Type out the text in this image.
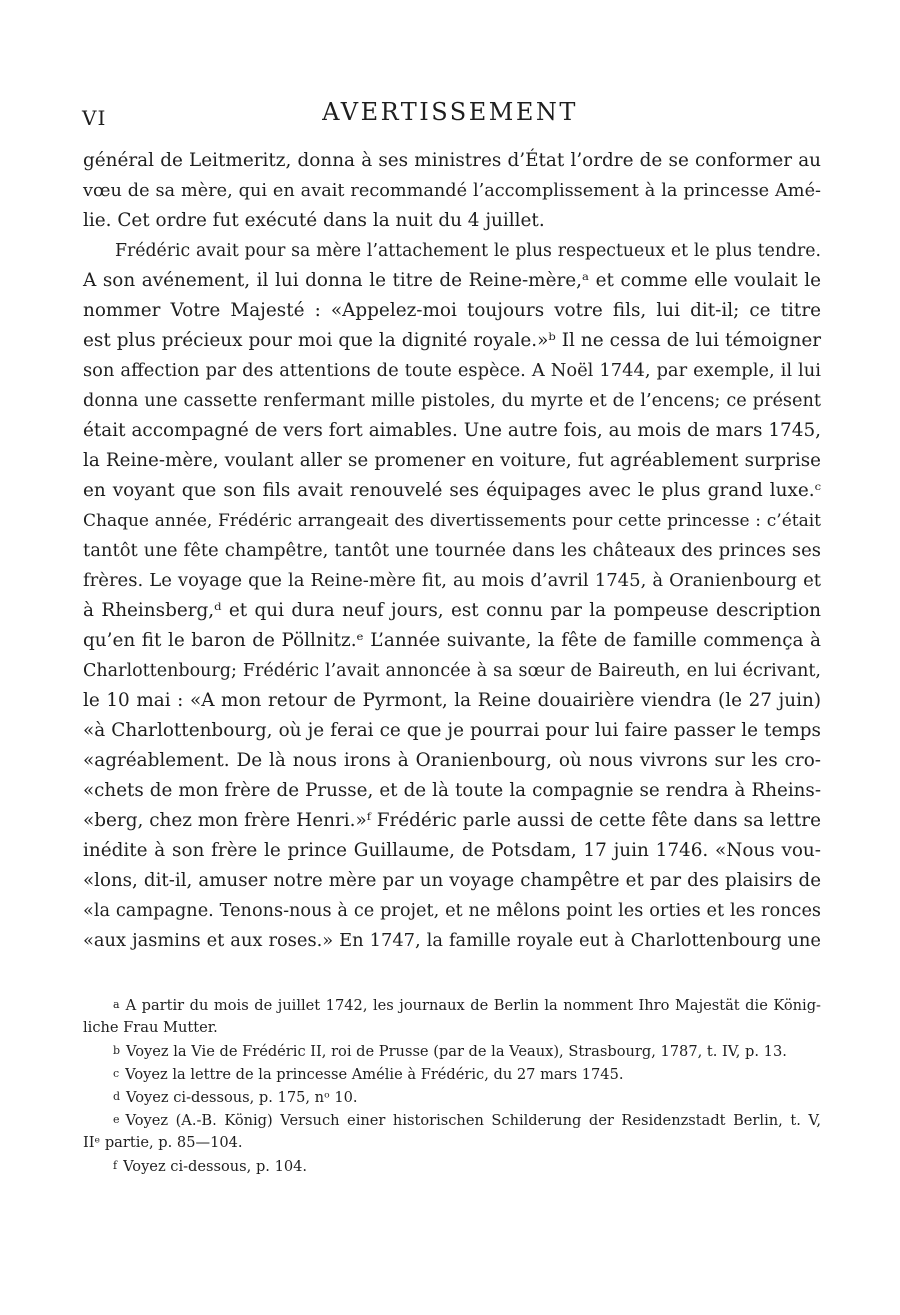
VI	AVERTISSEMENT
général de Leitmeritz, donna à ses ministres d’État l’ordre de se conformer au
vœu de sa mère, qui en avait recommandé l’accomplissement à la princesse Amé-
lie. Cet ordre fut exécuté dans la nuit du 4 juillet.
Frédéric avait pour sa mère l’attachement le plus respectueux et le plus tendre.
A son avénement, il lui donna le titre de Reine-mère,ᵃ et comme elle voulait le
nommer Votre Majesté : «Appelez-moi toujours votre fils, lui dit-il; ce titre
est plus précieux pour moi que la dignité royale.»ᵇ Il ne cessa de lui témoigner
son affection par des attentions de toute espèce. A Noël 1744, par exemple, il lui
donna une cassette renfermant mille pistoles, du myrte et de l’encens; ce présent
était accompagné de vers fort aimables. Une autre fois, au mois de mars 1745,
la Reine-mère, voulant aller se promener en voiture, fut agréablement surprise
en voyant que son fils avait renouvelé ses équipages avec le plus grand luxe.ᶜ
Chaque année, Frédéric arrangeait des divertissements pour cette princesse : c’était
tantôt une fête champêtre, tantôt une tournée dans les châteaux des princes ses
frères. Le voyage que la Reine-mère fit, au mois d’avril 1745, à Oranienbourg et
à Rheinsberg,ᵈ et qui dura neuf jours, est connu par la pompeuse description
qu’en fit le baron de Pöllnitz.ᵉ L’année suivante, la fête de famille commença à
Charlottenbourg; Frédéric l’avait annoncée à sa sœur de Baireuth, en lui écrivant,
le 10 mai : «A mon retour de Pyrmont, la Reine douairière viendra (le 27 juin)
«à Charlottenbourg, où je ferai ce que je pourrai pour lui faire passer le temps
«agréablement. De là nous irons à Oranienbourg, où nous vivrons sur les cro-
«chets de mon frère de Prusse, et de là toute la compagnie se rendra à Rheins-
«berg, chez mon frère Henri.»ᶠ Frédéric parle aussi de cette fête dans sa lettre
inédite à son frère le prince Guillaume, de Potsdam, 17 juin 1746. «Nous vou-
«lons, dit-il, amuser notre mère par un voyage champêtre et par des plaisirs de
«la campagne. Tenons-nous à ce projet, et ne mêlons point les orties et les ronces
«aux jasmins et aux roses.» En 1747, la famille royale eut à Charlottenbourg une
a A partir du mois de juillet 1742, les journaux de Berlin la nomment Ihro Majestät die König-
liche Frau Mutter.
b Voyez la Vie de Frédéric II, roi de Prusse (par de la Veaux), Strasbourg, 1787, t. IV, p. 13.
c Voyez la lettre de la princesse Amélie à Frédéric, du 27 mars 1745.
d Voyez ci-dessous, p. 175, nᵒ 10.
e Voyez (A.-B. König) Versuch einer historischen Schilderung der Residenzstadt Berlin, t. V,
IIᵉ partie, p. 85—104.
f Voyez ci-dessous, p. 104.
